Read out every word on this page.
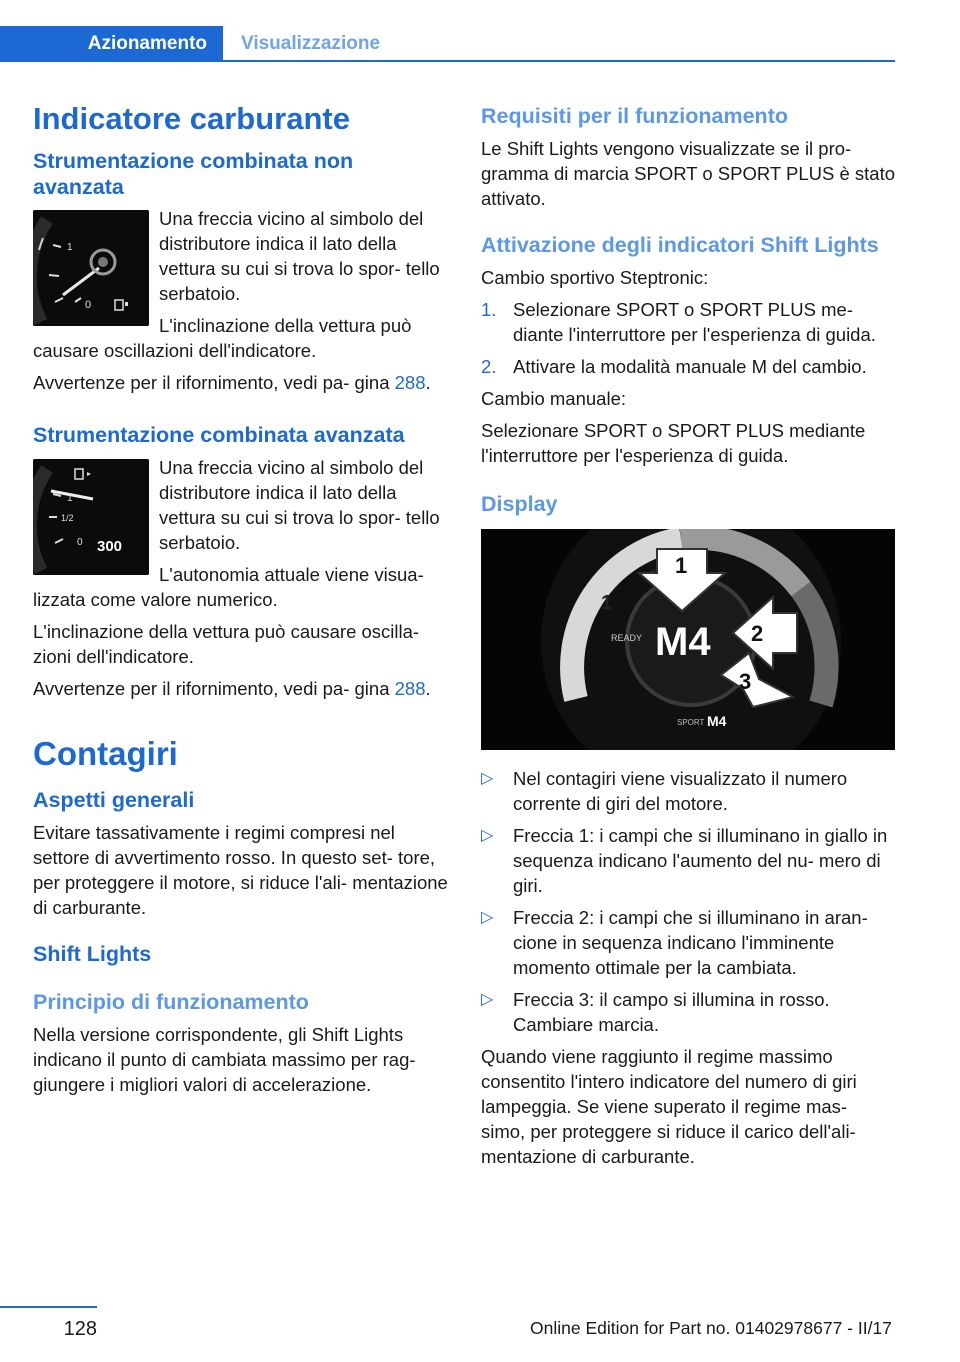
Azionamento	Visualizzazione
Indicatore carburante
Strumentazione combinata non avanzata
1
0

Una freccia vicino al simbolo del distributore indica il lato della vettura su cui si trova lo spor‐ tello serbatoio.

L'inclinazione della vettura può causare oscillazioni dell'indicatore.

Avvertenze per il rifornimento, vedi pa‐ gina 288.

Strumentazione combinata avanzata
1
1/2
0 300

Una freccia vicino al simbolo del distributore indica il lato della vettura su cui si trova lo spor‐ tello serbatoio.

L'autonomia attuale viene visua‐ lizzata come valore numerico.

L'inclinazione della vettura può causare oscilla‐ zioni dell'indicatore.

Avvertenze per il rifornimento, vedi pa‐ gina 288.

Contagiri
Aspetti generali

Evitare tassativamente i regimi compresi nel settore di avvertimento rosso. In questo set‐ tore, per proteggere il motore, si riduce l'ali‐ mentazione di carburante.

Shift Lights
Principio di funzionamento

Nella versione corrispondente, gli Shift Lights indicano il punto di cambiata massimo per rag‐ giungere i migliori valori di accelerazione.

Requisiti per il funzionamento

Le Shift Lights vengono visualizzate se il pro‐ gramma di marcia SPORT o SPORT PLUS è stato attivato.

Attivazione degli indicatori Shift Lights

Cambio sportivo Steptronic:

1. Selezionare SPORT o SPORT PLUS me‐ diante l'interruttore per l'esperienza di guida.
2. Attivare la modalità manuale M del cambio.

Cambio manuale:

Selezionare SPORT o SPORT PLUS mediante l'interruttore per l'esperienza di guida.

Display
M4
READY
1
4
1
2
3
SPORT M4
▷	Nel contagiri viene visualizzato il numero corrente di giri del motore.
▷	Freccia 1: i campi che si illuminano in giallo in sequenza indicano l'aumento del nu‐ mero di giri.
▷	Freccia 2: i campi che si illuminano in aran‐ cione in sequenza indicano l'imminente momento ottimale per la cambiata.
▷	Freccia 3: il campo si illumina in rosso. Cambiare marcia.

Quando viene raggiunto il regime massimo consentito l'intero indicatore del numero di giri lampeggia. Se viene superato il regime mas‐ simo, per proteggere si riduce il carico dell'ali‐ mentazione di carburante.

128	Online Edition for Part no. 01402978677 - II/17
